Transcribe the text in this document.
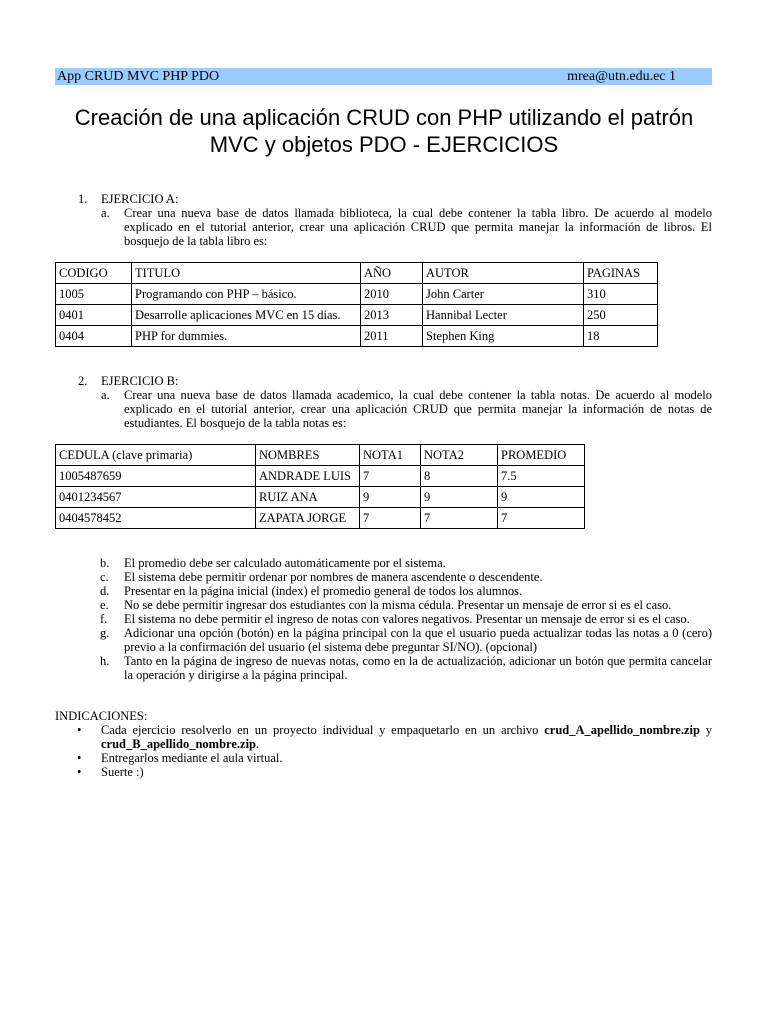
App CRUD MVC PHP PDO	mrea@utn.edu.ec 1
Creación de una aplicación CRUD con PHP utilizando el patrón
MVC y objetos PDO - EJERCICIOS
1. EJERCICIO A:
a. Crear una nueva base de datos llamada biblioteca, la cual debe contener la tabla libro. De acuerdo al modelo explicado en el tutorial anterior, crear una aplicación CRUD que permita manejar la información de libros. El bosquejo de la tabla libro es:
CODIGO	TITULO	AÑO	AUTOR	PAGINAS
1005	Programando con PHP – básico.	2010	John Carter	310
0401	Desarrolle aplicaciones MVC en 15 días.	2013	Hannibal Lecter	250
0404	PHP for dummies.	2011	Stephen King	18
2. EJERCICIO B:
a. Crear una nueva base de datos llamada academico, la cual debe contener la tabla notas. De acuerdo al modelo explicado en el tutorial anterior, crear una aplicación CRUD que permita manejar la información de notas de estudiantes. El bosquejo de la tabla notas es:
CEDULA (clave primaria)	NOMBRES	NOTA1	NOTA2	PROMEDIO
1005487659	ANDRADE LUIS	7	8	7.5
0401234567	RUIZ ANA	9	9	9
0404578452	ZAPATA JORGE	7	7	7
b. El promedio debe ser calculado automáticamente por el sistema.
c. El sistema debe permitir ordenar por nombres de manera ascendente o descendente.
d. Presentar en la página inicial (index) el promedio general de todos los alumnos.
e. No se debe permitir ingresar dos estudiantes con la misma cédula. Presentar un mensaje de error si es el caso.
f. El sistema no debe permitir el ingreso de notas con valores negativos. Presentar un mensaje de error si es el caso.
g. Adicionar una opción (botón) en la página principal con la que el usuario pueda actualizar todas las notas a 0 (cero) previo a la confirmación del usuario (el sistema debe preguntar SI/NO). (opcional)
h. Tanto en la página de ingreso de nuevas notas, como en la de actualización, adicionar un botón que permita cancelar la operación y dirigirse a la página principal.
INDICACIONES:
• Cada ejercicio resolverlo en un proyecto individual y empaquetarlo en un archivo crud_A_apellido_nombre.zip y crud_B_apellido_nombre.zip.
• Entregarlos mediante el aula virtual.
• Suerte :)
